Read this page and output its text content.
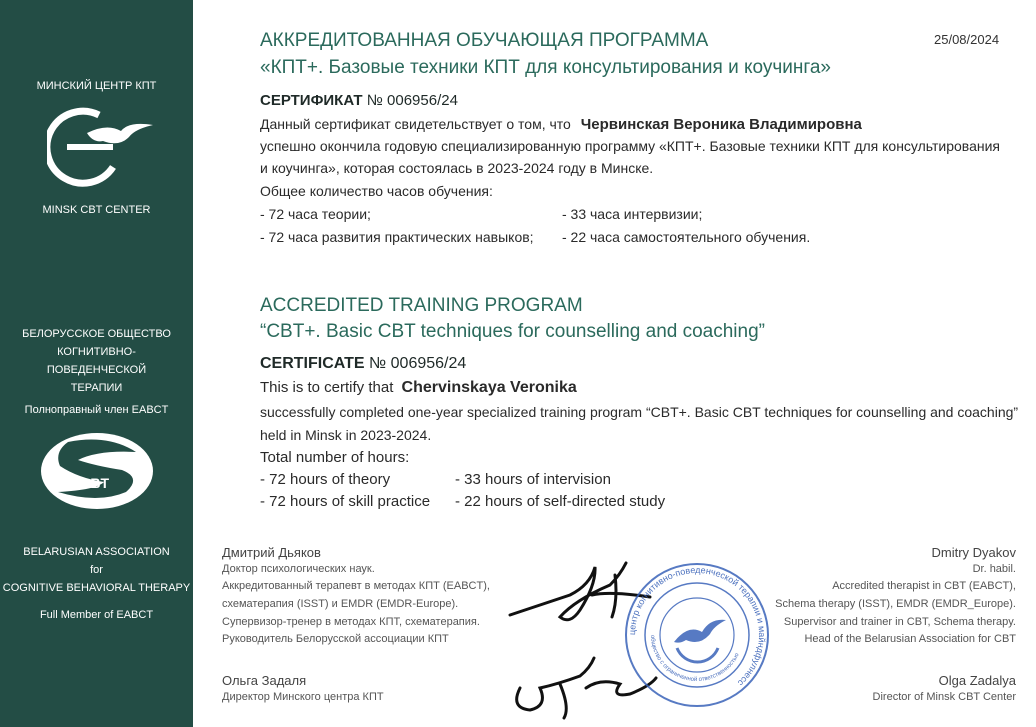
МИНСКИЙ ЦЕНТР КПТ
MINSK CBT CENTER
БЕЛОРУССКОЕ ОБЩЕСТВО
КОГНИТИВНО-
ПОВЕДЕНЧЕСКОЙ
ТЕРАПИИ
Полноправный член EABCT
BACBT
BELARUSIAN ASSOCIATION
for
COGNITIVE BEHAVIORAL THERAPY
Full Member of EABCT
АККРЕДИТОВАННАЯ ОБУЧАЮЩАЯ ПРОГРАММА
«КПТ+. Базовые техники КПТ для консультирования и коучинга»
25/08/2024
СЕРТИФИКАТ № 006956/24
Данный сертификат свидетельствует о том, что Червинская Вероника Владимировна
успешно окончила годовую специализированную программу «КПТ+. Базовые техники КПТ для консультирования
и коучинга», которая состоялась в 2023-2024 году в Минске.
Общее количество часов обучения:
- 72 часа теории;
- 72 часа развития практических навыков;
- 33 часа интервизии;
- 22 часа самостоятельного обучения.
ACCREDITED TRAINING PROGRAM
“CBT+. Basic CBT techniques for counselling and coaching”
CERTIFICATE № 006956/24
This is to certify that Chervinskaya Veronika
successfully completed one-year specialized training program “CBT+. Basic CBT techniques for counselling and coaching”
held in Minsk in 2023-2024.
Total number of hours:
- 72 hours of theory
- 72 hours of skill practice
- 33 hours of intervision
- 22 hours of self-directed study
Дмитрий Дьяков
Доктор психологических наук.
Аккредитованный терапевт в методах КПТ (EABCT),
схематерапия (ISST) и EMDR (EMDR-Europe).
Супервизор-тренер в методах КПТ, схематерапия.
Руководитель Белорусской ассоциации КПТ
Ольга Задаля
Директор Минского центра КПТ
Dmitry Dyakov
Dr. habil.
Accredited therapist in CBT (EABCT),
Schema therapy (ISST), EMDR (EMDR_Europe).
Supervisor and trainer in CBT, Schema therapy.
Head of the Belarusian Association for CBT
Olga Zadalya
Director of Minsk CBT Center
центр когнитивно-поведенческой терапии и майндфулнесс
общество с ограниченной ответственностью
